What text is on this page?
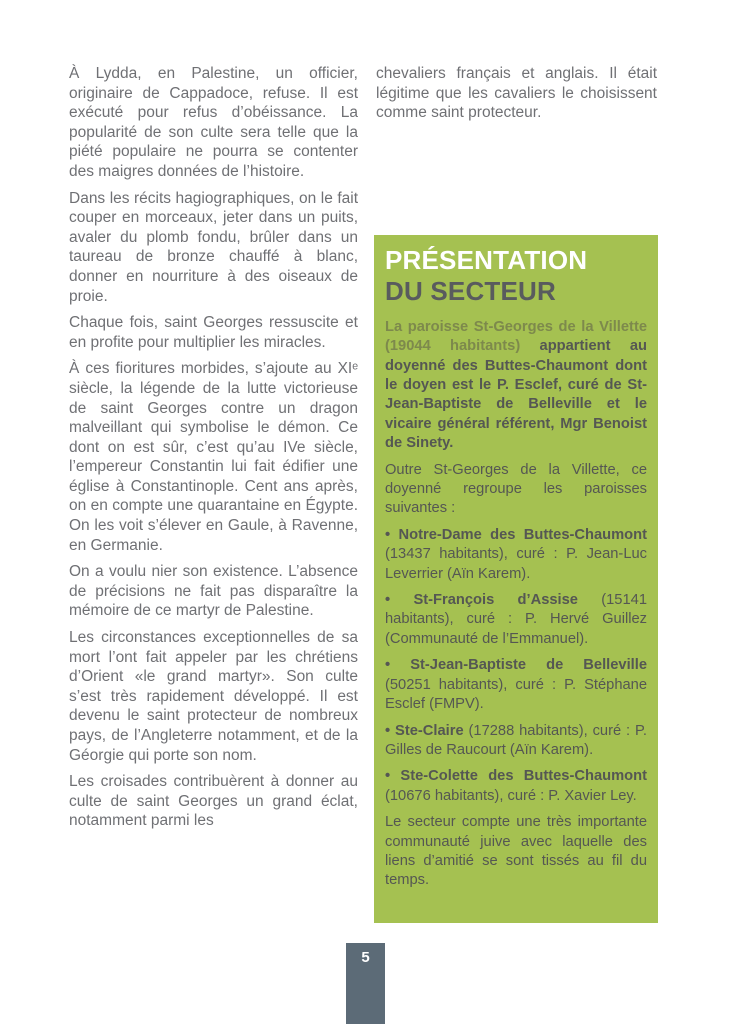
À Lydda, en Palestine, un officier, originaire de Cappadoce, refuse. Il est exécuté pour refus d’obéissance. La popularité de son culte sera telle que la piété populaire ne pourra se contenter des maigres données de l’histoire.

Dans les récits hagiographiques, on le fait couper en morceaux, jeter dans un puits, avaler du plomb fondu, brûler dans un taureau de bronze chauffé à blanc, donner en nourriture à des oiseaux de proie.

Chaque fois, saint Georges ressuscite et en profite pour multiplier les miracles.

À ces fioritures morbides, s’ajoute au XIᵉ siècle, la légende de la lutte victorieuse de saint Georges contre un dragon malveillant qui symbolise le démon. Ce dont on est sûr, c’est qu’au IVe siècle, l’empereur Constantin lui fait édifier une église à Constantinople. Cent ans après, on en compte une quarantaine en Égypte. On les voit s’élever en Gaule, à Ravenne, en Germanie.

On a voulu nier son existence. L’absence de précisions ne fait pas disparaître la mémoire de ce martyr de Palestine.

Les circonstances exceptionnelles de sa mort l’ont fait appeler par les chrétiens d’Orient «le grand martyr». Son culte s’est très rapidement développé. Il est devenu le saint protecteur de nombreux pays, de l’Angleterre notamment, et de la Géorgie qui porte son nom.

Les croisades contribuèrent à donner au culte de saint Georges un grand éclat, notamment parmi les

chevaliers français et anglais. Il était légitime que les cavaliers le choisissent comme saint protecteur.

PRÉSENTATION
DU SECTEUR

La paroisse St-Georges de la Villette (19044 habitants) appartient au doyenné des Buttes-Chaumont dont le doyen est le P. Esclef, curé de St-Jean-Baptiste de Belleville et le vicaire général référent, Mgr Benoist de Sinety.

Outre St-Georges de la Villette, ce doyenné regroupe les paroisses suivantes :

• Notre-Dame des Buttes-Chaumont (13437 habitants), curé : P. Jean-Luc Leverrier (Aïn Karem).

• St-François d’Assise (15141 habitants), curé : P. Hervé Guillez (Communauté de l’Emmanuel).

• St-Jean-Baptiste de Belleville (50251 habitants), curé : P. Stéphane Esclef (FMPV).

• Ste-Claire (17288 habitants), curé : P. Gilles de Raucourt (Aïn Karem).

• Ste-Colette des Buttes-Chaumont (10676 habitants), curé : P. Xavier Ley.

Le secteur compte une très importante communauté juive avec laquelle des liens d’amitié se sont tissés au fil du temps.

5
